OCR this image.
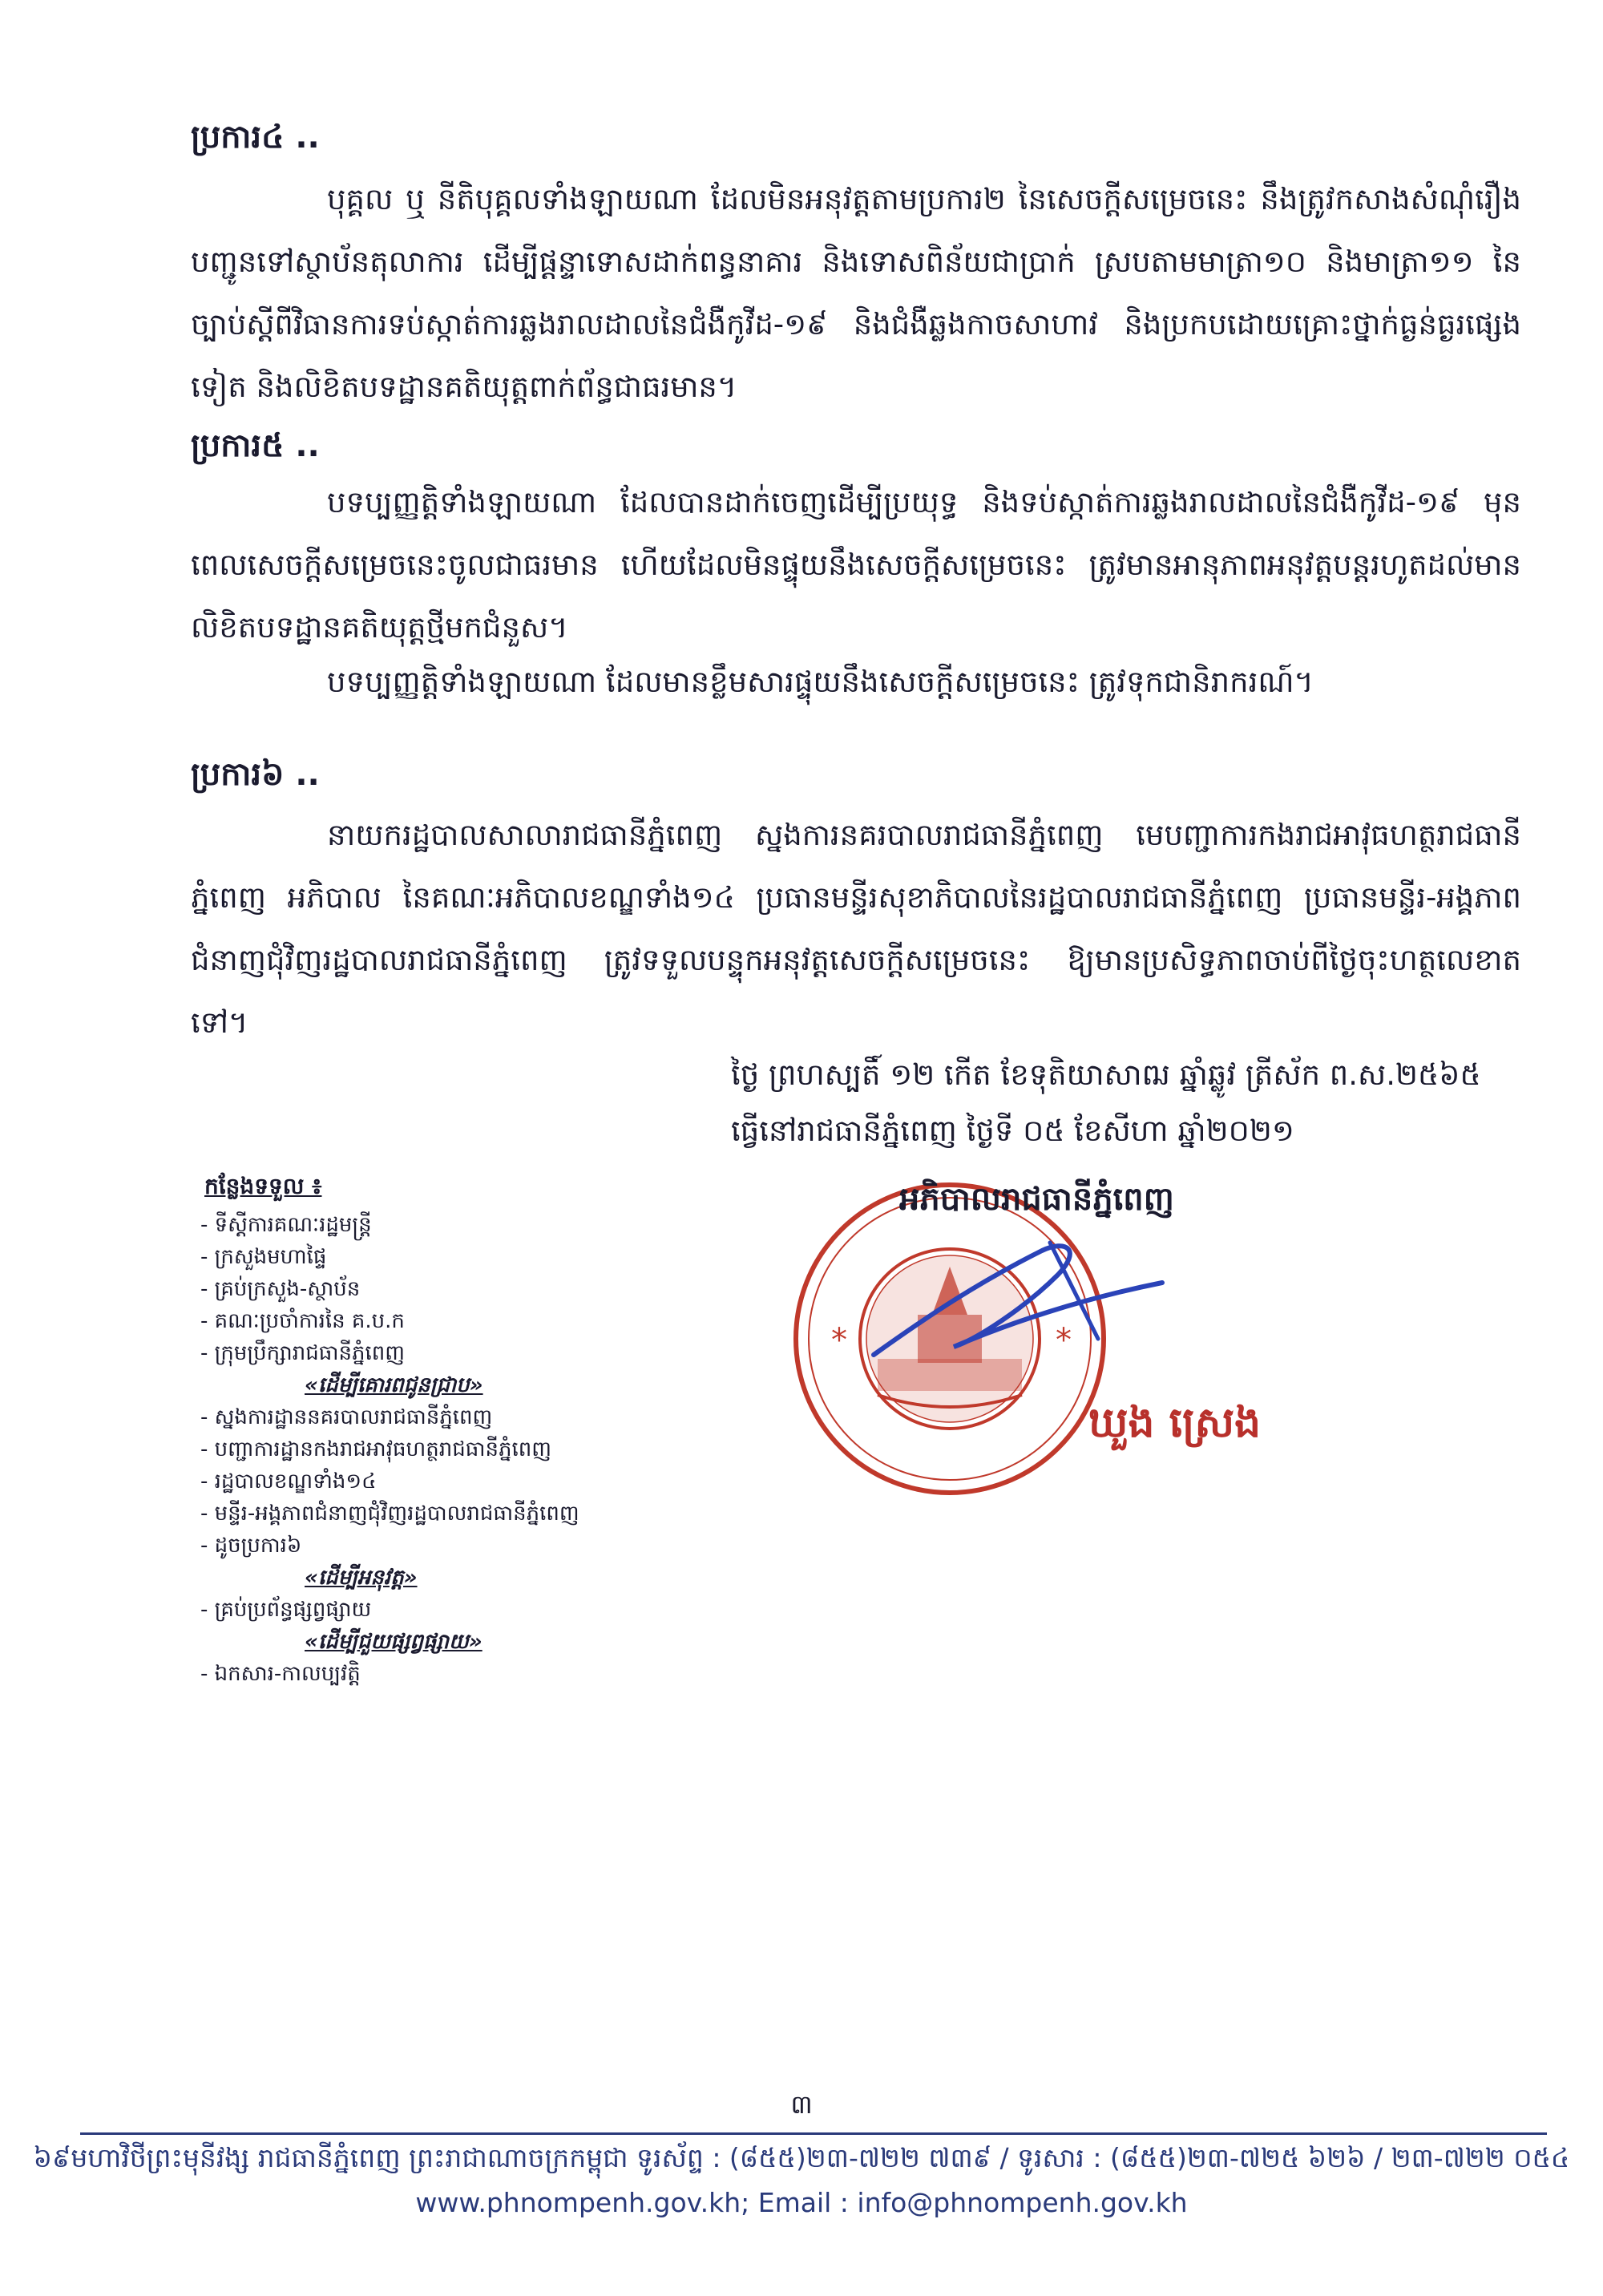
ប្រការ៤ ..
បុគ្គល ឬ នីតិបុគ្គលទាំងឡាយណា ដែលមិនអនុវត្តតាមប្រការ២ នៃសេចក្តីសម្រេចនេះ នឹងត្រូវកសាងសំណុំរឿងបញ្ជូនទៅស្ថាប័នតុលាការ ដើម្បីផ្តន្ទាទោសដាក់ពន្ធនាគារ និងទោសពិន័យជាប្រាក់ ស្របតាមមាត្រា១០ និងមាត្រា១១ នៃច្បាប់ស្តីពីវិធានការទប់ស្កាត់ការឆ្លងរាលដាលនៃជំងឺកូវីដ-១៩ និងជំងឺឆ្លងកាចសាហាវ និងប្រកបដោយគ្រោះថ្នាក់ធ្ងន់ធ្ងរផ្សេងទៀត និងលិខិតបទដ្ឋានគតិយុត្តពាក់ព័ន្ធជាធរមាន។
ប្រការ៥ ..
បទប្បញ្ញត្តិទាំងឡាយណា ដែលបានដាក់ចេញដើម្បីប្រយុទ្ធ និងទប់ស្កាត់ការឆ្លងរាលដាលនៃជំងឺកូវីដ-១៩ មុនពេលសេចក្តីសម្រេចនេះចូលជាធរមាន ហើយដែលមិនផ្ទុយនឹងសេចក្តីសម្រេចនេះ ត្រូវមានអានុភាពអនុវត្តបន្តរហូតដល់មានលិខិតបទដ្ឋានគតិយុត្តថ្មីមកជំនួស។
បទប្បញ្ញត្តិទាំងឡាយណា ដែលមានខ្លឹមសារផ្ទុយនឹងសេចក្តីសម្រេចនេះ ត្រូវទុកជានិរាករណ៍។
ប្រការ៦ ..
នាយករដ្ឋបាលសាលារាជធានីភ្នំពេញ ស្នងការនគរបាលរាជធានីភ្នំពេញ មេបញ្ជាការកងរាជអាវុធហត្ថរាជធានីភ្នំពេញ អភិបាល នៃគណៈអភិបាលខណ្ឌទាំង១៤ ប្រធានមន្ទីរសុខាភិបាលនៃរដ្ឋបាលរាជធានីភ្នំពេញ ប្រធានមន្ទីរ-អង្គភាពជំនាញជុំវិញរដ្ឋបាលរាជធានីភ្នំពេញ ត្រូវទទួលបន្ទុកអនុវត្តសេចក្តីសម្រេចនេះ ឱ្យមានប្រសិទ្ធភាពចាប់ពីថ្ងៃចុះហត្ថលេខាតទៅ។
ថ្ងៃ ព្រហស្បតិ៍ ១២ កើត ខែទុតិយាសាឍ ឆ្នាំឆ្លូវ ត្រីស័ក ព.ស.២៥៦៥
ធ្វើនៅរាជធានីភ្នំពេញ ថ្ងៃទី ០៥ ខែសីហា ឆ្នាំ២០២១
*	*
អភិបាលរាជធានីភ្នំពេញ
ឃួង ស្រេង
កន្លែងទទួល ៖
- ទីស្តីការគណៈរដ្ឋមន្ត្រី
- ក្រសួងមហាផ្ទៃ
- គ្រប់ក្រសួង-ស្ថាប័ន
- គណៈប្រចាំការនៃ គ.ប.ក
- ក្រុមប្រឹក្សារាជធានីភ្នំពេញ
«ដើម្បីគោរពជូនជ្រាប»
- ស្នងការដ្ឋាននគរបាលរាជធានីភ្នំពេញ
- បញ្ជាការដ្ឋានកងរាជអាវុធហត្ថរាជធានីភ្នំពេញ
- រដ្ឋបាលខណ្ឌទាំង១៤
- មន្ទីរ-អង្គភាពជំនាញជុំវិញរដ្ឋបាលរាជធានីភ្នំពេញ
- ដូចប្រការ៦
«ដើម្បីអនុវត្ត»
- គ្រប់ប្រព័ន្ធផ្សព្វផ្សាយ
«ដើម្បីជួយផ្សព្វផ្សាយ»
- ឯកសារ-កាលប្បវត្តិ
៣
៦៩មហាវិថីព្រះមុនីវង្ស រាជធានីភ្នំពេញ ព្រះរាជាណាចក្រកម្ពុជា ទូរស័ព្ទ : (៨៥៥)២៣-៧២២ ៧៣៩ / ទូរសារ : (៨៥៥)២៣-៧២៥ ៦២៦ / ២៣-៧២២ ០៥៤
www.phnompenh.gov.kh; Email : info@phnompenh.gov.kh
